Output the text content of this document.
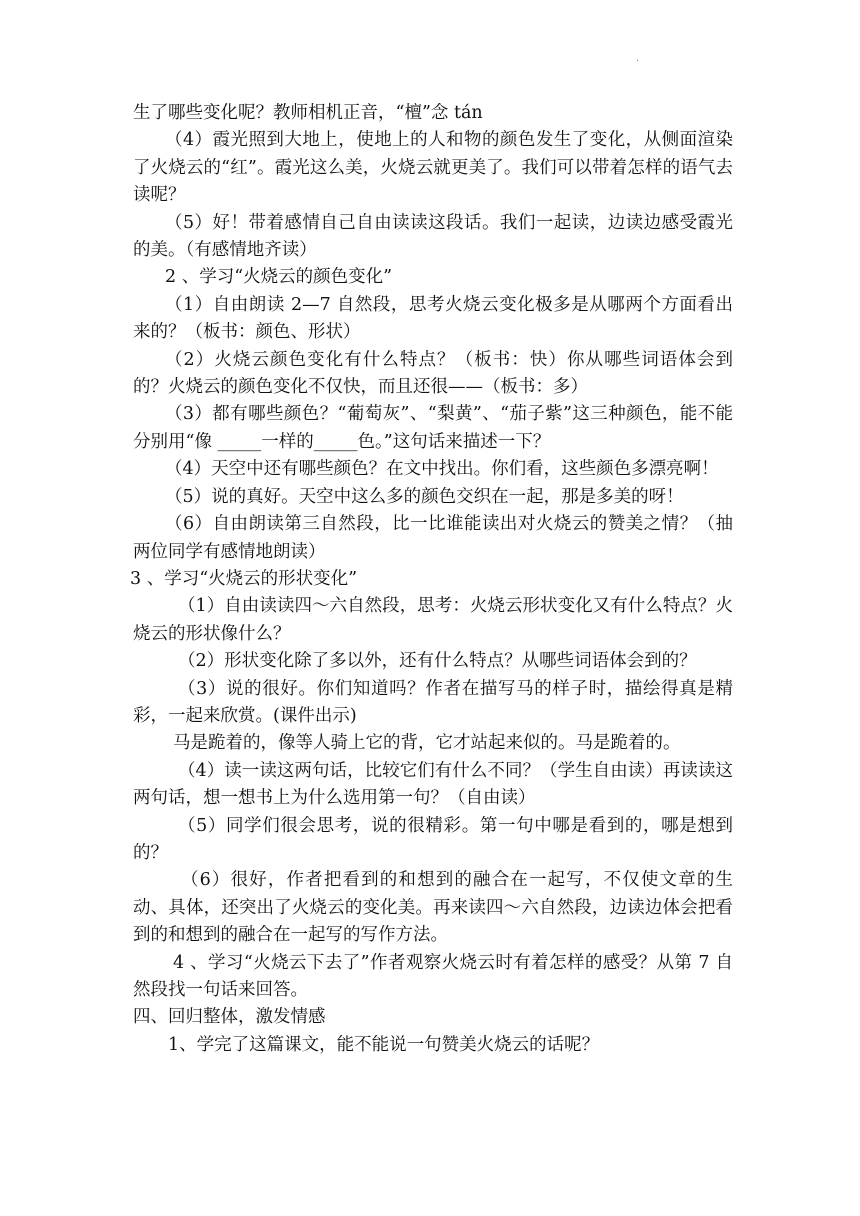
·

生了哪些变化呢？教师相机正音，“檀”念 tán

（4）霞光照到大地上，使地上的人和物的颜色发生了变化，从侧面渲染了火烧云的“红”。霞光这么美，火烧云就更美了。我们可以带着怎样的语气去读呢？

（5）好！带着感情自己自由读读这段话。我们一起读，边读边感受霞光的美。（有感情地齐读）

2 、学习“火烧云的颜色变化”

（1）自由朗读 2—7 自然段，思考火烧云变化极多是从哪两个方面看出来的？（板书：颜色、形状）

（2）火烧云颜色变化有什么特点？（板书：快）你从哪些词语体会到的？火烧云的颜色变化不仅快，而且还很——（板书：多）

（3）都有哪些颜色？“葡萄灰”、“梨黄”、“茄子紫”这三种颜色，能不能分别用“像 _____一样的_____色。”这句话来描述一下？

（4）天空中还有哪些颜色？在文中找出。你们看，这些颜色多漂亮啊！

（5）说的真好。天空中这么多的颜色交织在一起，那是多美的呀！

（6）自由朗读第三自然段，比一比谁能读出对火烧云的赞美之情？（抽两位同学有感情地朗读）

3 、学习“火烧云的形状变化”

（1）自由读读四～六自然段，思考：火烧云形状变化又有什么特点？火烧云的形状像什么？

（2）形状变化除了多以外，还有什么特点？从哪些词语体会到的？

（3）说的很好。你们知道吗？作者在描写马的样子时，描绘得真是精彩，一起来欣赏。(课件出示)

马是跪着的，像等人骑上它的背，它才站起来似的。马是跪着的。

（4）读一读这两句话，比较它们有什么不同？（学生自由读）再读读这两句话，想一想书上为什么选用第一句？（自由读）

（5）同学们很会思考，说的很精彩。第一句中哪是看到的，哪是想到的？

（6）很好，作者把看到的和想到的融合在一起写，不仅使文章的生动、具体，还突出了火烧云的变化美。再来读四～六自然段，边读边体会把看到的和想到的融合在一起写的写作方法。

4 、学习“火烧云下去了”作者观察火烧云时有着怎样的感受？从第 7 自然段找一句话来回答。

四、回归整体，激发情感

1、学完了这篇课文，能不能说一句赞美火烧云的话呢？
